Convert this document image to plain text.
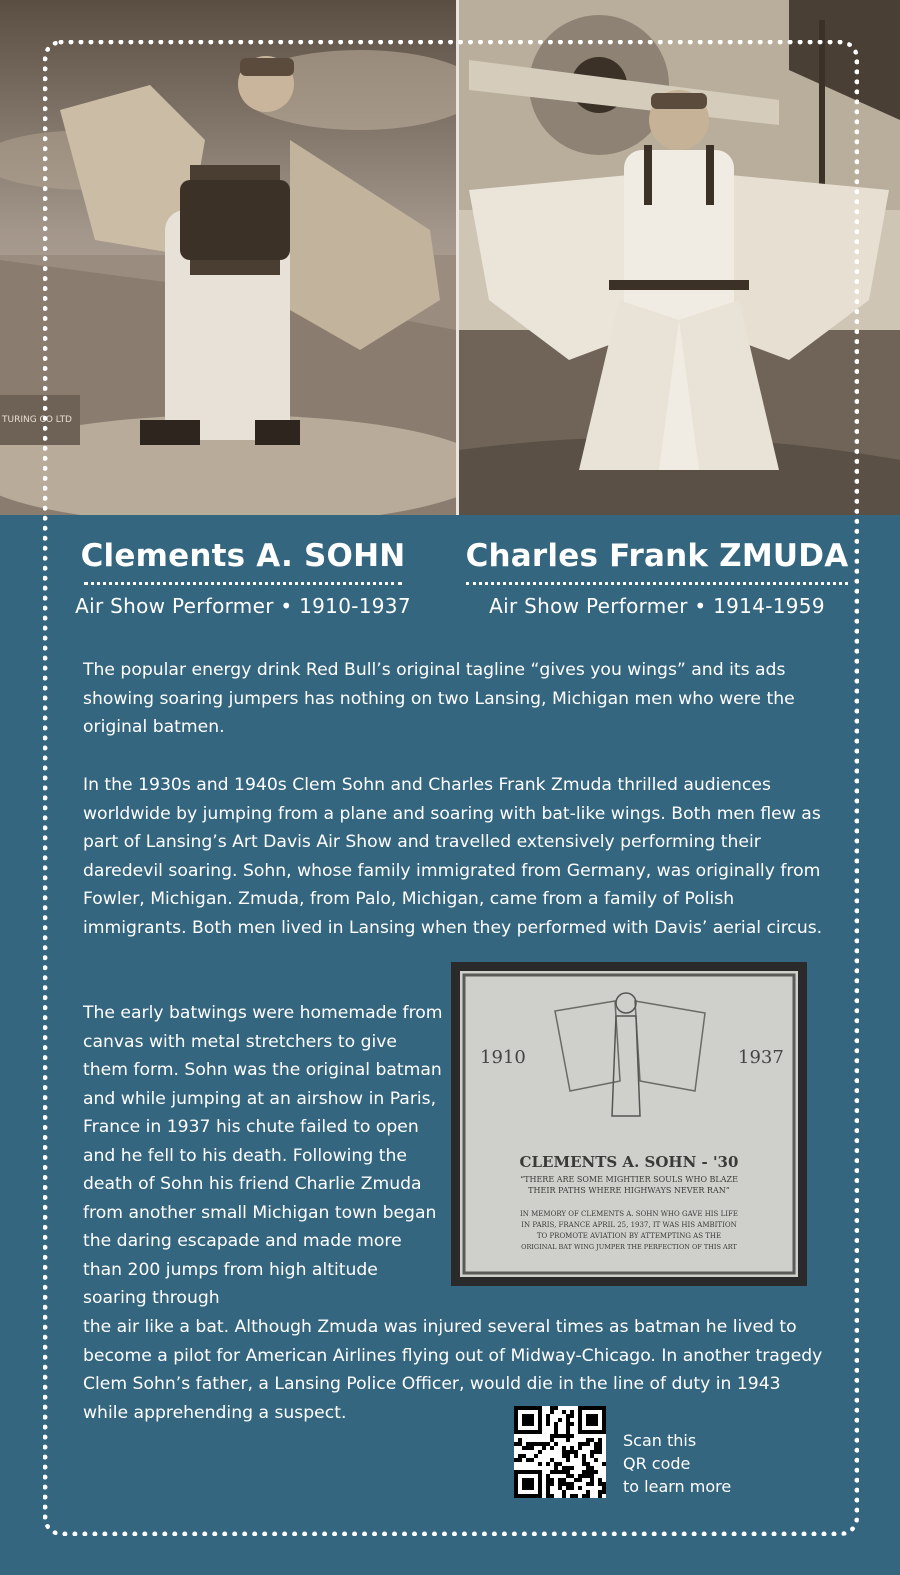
TURING CO LTD
Clements A. SOHN
Air Show Performer • 1910-1937
Charles Frank ZMUDA
Air Show Performer • 1914-1959

The popular energy drink Red Bull’s original tagline “gives you wings” and its ads showing soaring jumpers has nothing on two Lansing, Michigan men who were the original batmen.

In the 1930s and 1940s Clem Sohn and Charles Frank Zmuda thrilled audiences worldwide by jumping from a plane and soaring with bat-like wings. Both men flew as part of Lansing’s Art Davis Air Show and travelled extensively performing their daredevil soaring. Sohn, whose family immigrated from Germany, was originally from Fowler, Michigan. Zmuda, from Palo, Michigan, came from a family of Polish immigrants. Both men lived in Lansing when they performed with Davis’ aerial circus.

The early batwings were homemade from canvas with metal stretchers to give them form. Sohn was the original batman and while jumping at an airshow in Paris, France in 1937 his chute failed to open and he fell to his death. Following the death of Sohn his friend Charlie Zmuda from another small Michigan town began the daring escapade and made more than 200 jumps from high altitude soaring through

the air like a bat. Although Zmuda was injured several times as batman he lived to become a pilot for American Airlines flying out of Midway-Chicago. In another tragedy Clem Sohn’s father, a Lansing Police Officer, would die in the line of duty in 1943 while apprehending a suspect.

1910	1937
CLEMENTS A. SOHN - '30
“THERE ARE SOME MIGHTIER SOULS WHO BLAZE
THEIR PATHS WHERE HIGHWAYS NEVER RAN”
IN MEMORY OF CLEMENTS A. SOHN WHO GAVE HIS LIFE
IN PARIS, FRANCE APRIL 25, 1937, IT WAS HIS AMBITION
TO PROMOTE AVIATION BY ATTEMPTING AS THE
ORIGINAL BAT WING JUMPER THE PERFECTION OF THIS ART
Scan this
QR code
to learn more
